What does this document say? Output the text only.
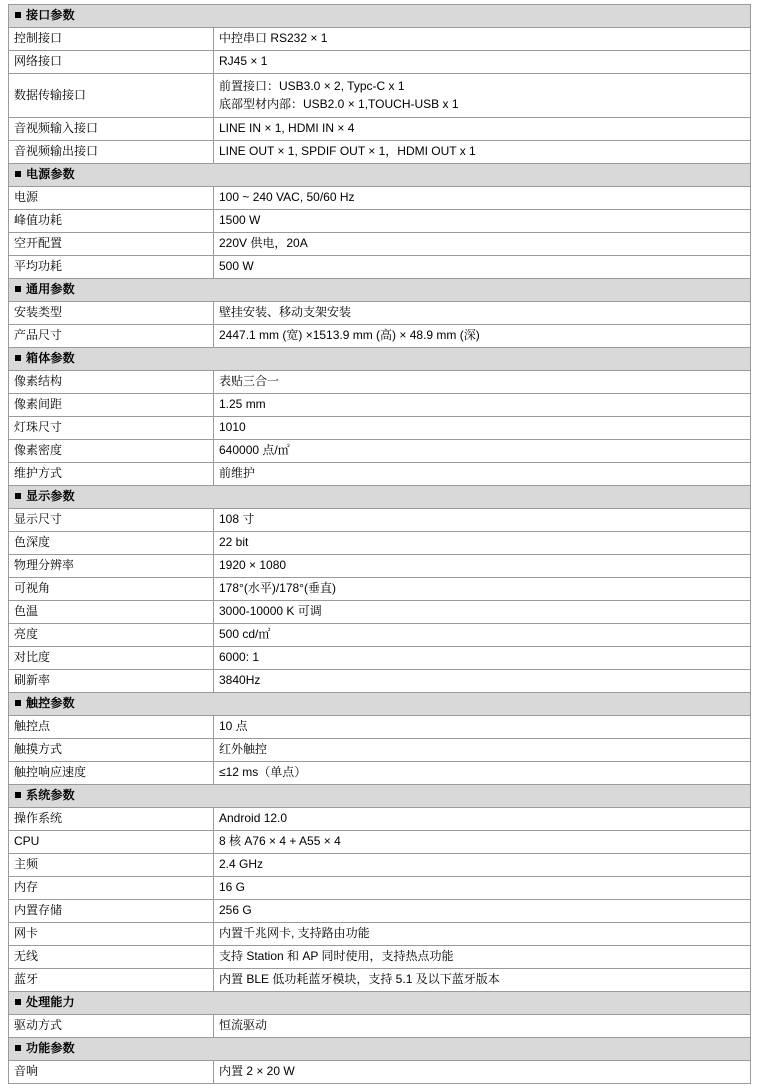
接口参数	
控制接口	中控串口 RS232 × 1
网络接口	RJ45 × 1
数据传输接口	前置接口：USB3.0 × 2, Typc-C x 1
底部型材内部：USB2.0 × 1,TOUCH-USB x 1

音视频输入接口	LINE IN × 1, HDMI IN × 4
音视频输出接口	LINE OUT × 1, SPDIF OUT × 1，HDMI OUT x 1
电源参数	
电源	100 ~ 240 VAC, 50/60 Hz
峰值功耗	1500 W
空开配置	220V 供电，20A
平均功耗	500 W
通用参数	
安装类型	壁挂安装、移动支架安装
产品尺寸	2447.1 mm (宽) ×1513.9 mm (高) × 48.9 mm (深)
箱体参数	
像素结构	表贴三合一
像素间距	1.25 mm
灯珠尺寸	1010
像素密度	640000 点/㎡
维护方式	前维护
显示参数	
显示尺寸	108 寸
色深度	22 bit
物理分辨率	1920 × 1080
可视角	178°(水平)/178°(垂直)
色温	3000-10000 K 可调
亮度	500 cd/㎡
对比度	6000: 1
刷新率	3840Hz
触控参数	
触控点	10 点
触摸方式	红外触控
触控响应速度	≤12 ms（单点）
系统参数	
操作系统	Android 12.0
CPU	8 核 A76 × 4 + A55 × 4
主频	2.4 GHz
内存	16 G
内置存储	256 G
网卡	内置千兆网卡, 支持路由功能
无线	支持 Station 和 AP 同时使用，支持热点功能
蓝牙	内置 BLE 低功耗蓝牙模块，支持 5.1 及以下蓝牙版本
处理能力	
驱动方式	恒流驱动
功能参数	
音响	内置 2 × 20 W
